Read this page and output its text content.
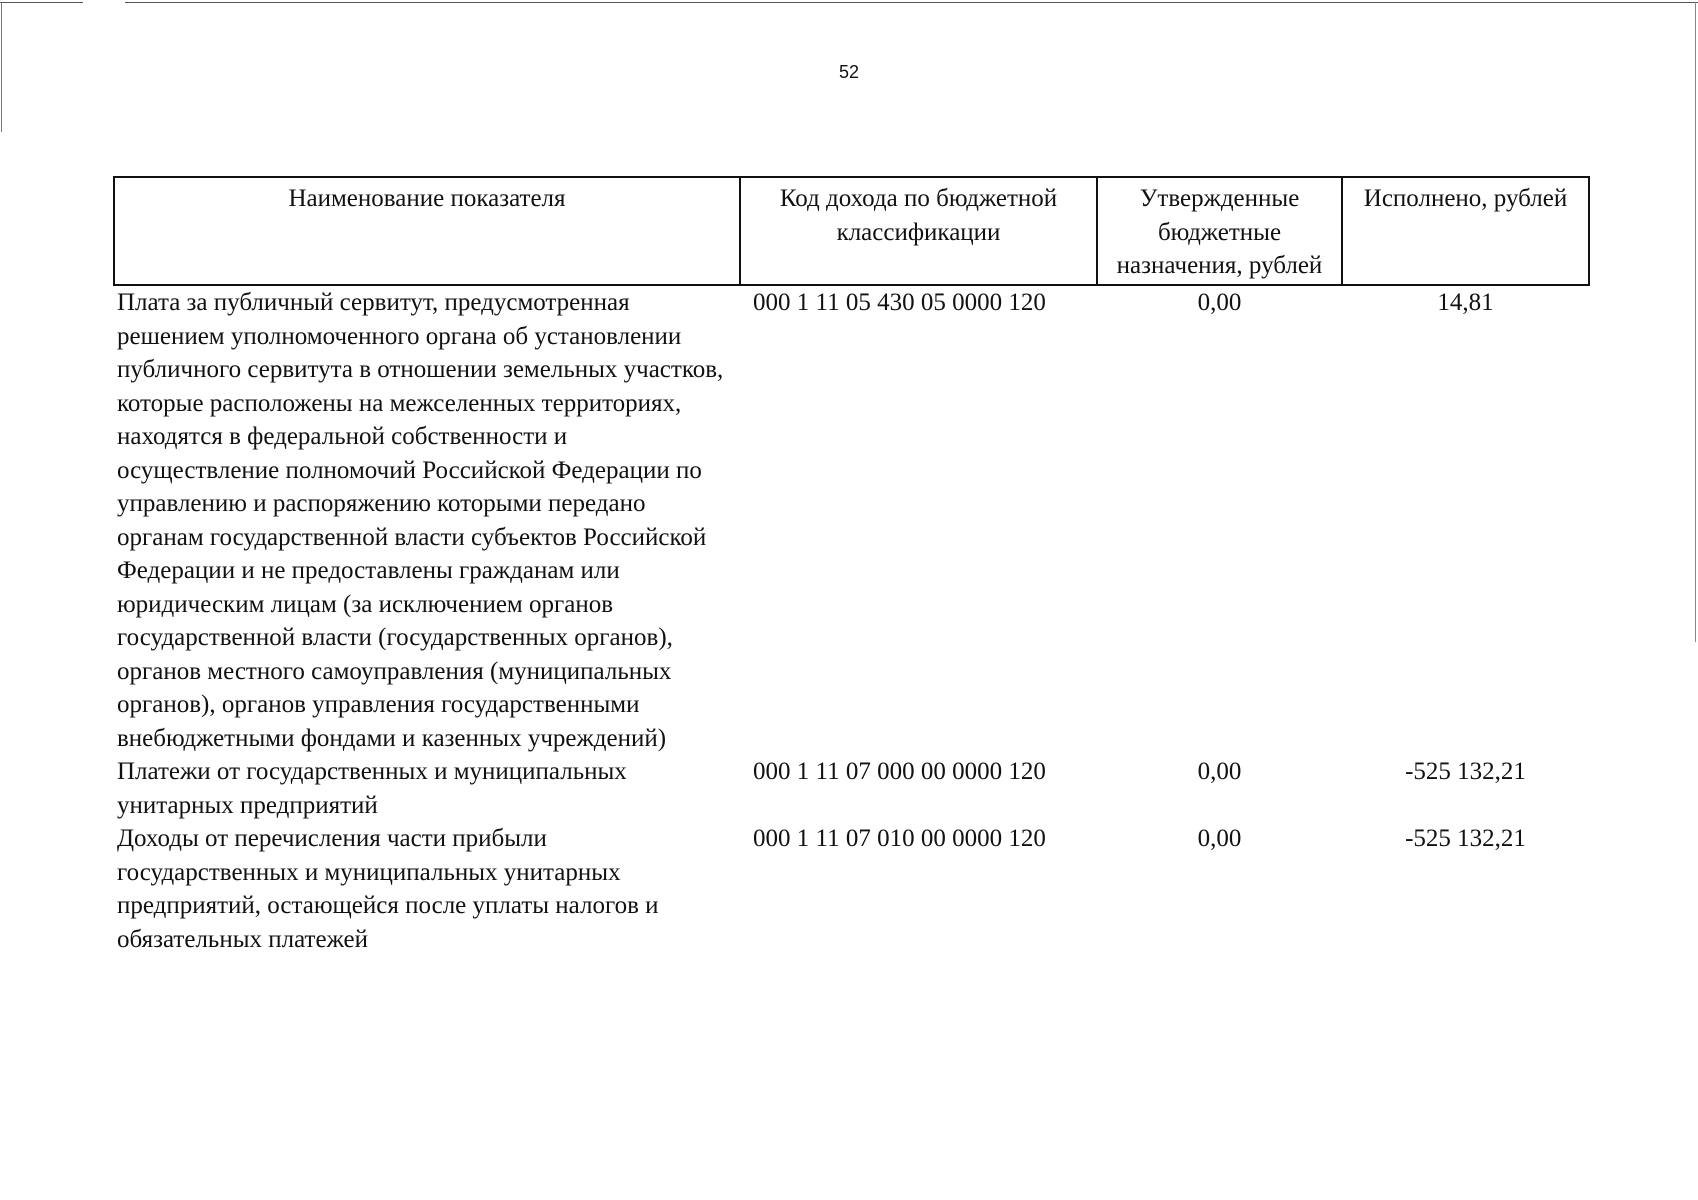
52
Наименование показателя	Код дохода по бюджетной классификации	Утвержденные бюджетные назначения, рублей	Исполнено, рублей
Плата за публичный сервитут, предусмотренная решением уполномоченного органа об установлении публичного сервитута в отношении земельных участков, которые расположены на межселенных территориях, находятся в федеральной собственности и осуществление полномочий Российской Федерации по управлению и распоряжению которыми передано органам государственной власти субъектов Российской Федерации и не предоставлены гражданам или юридическим лицам (за исключением органов государственной власти (государственных органов), органов местного самоуправления (муниципальных органов), органов управления государственными внебюджетными фондами и казенных учреждений)	000 1 11 05 430 05 0000 120	0,00	14,81
Платежи от государственных и муниципальных унитарных предприятий	000 1 11 07 000 00 0000 120	0,00	-525 132,21
Доходы от перечисления части прибыли государственных и муниципальных унитарных предприятий, остающейся после уплаты налогов и обязательных платежей	000 1 11 07 010 00 0000 120	0,00	-525 132,21
